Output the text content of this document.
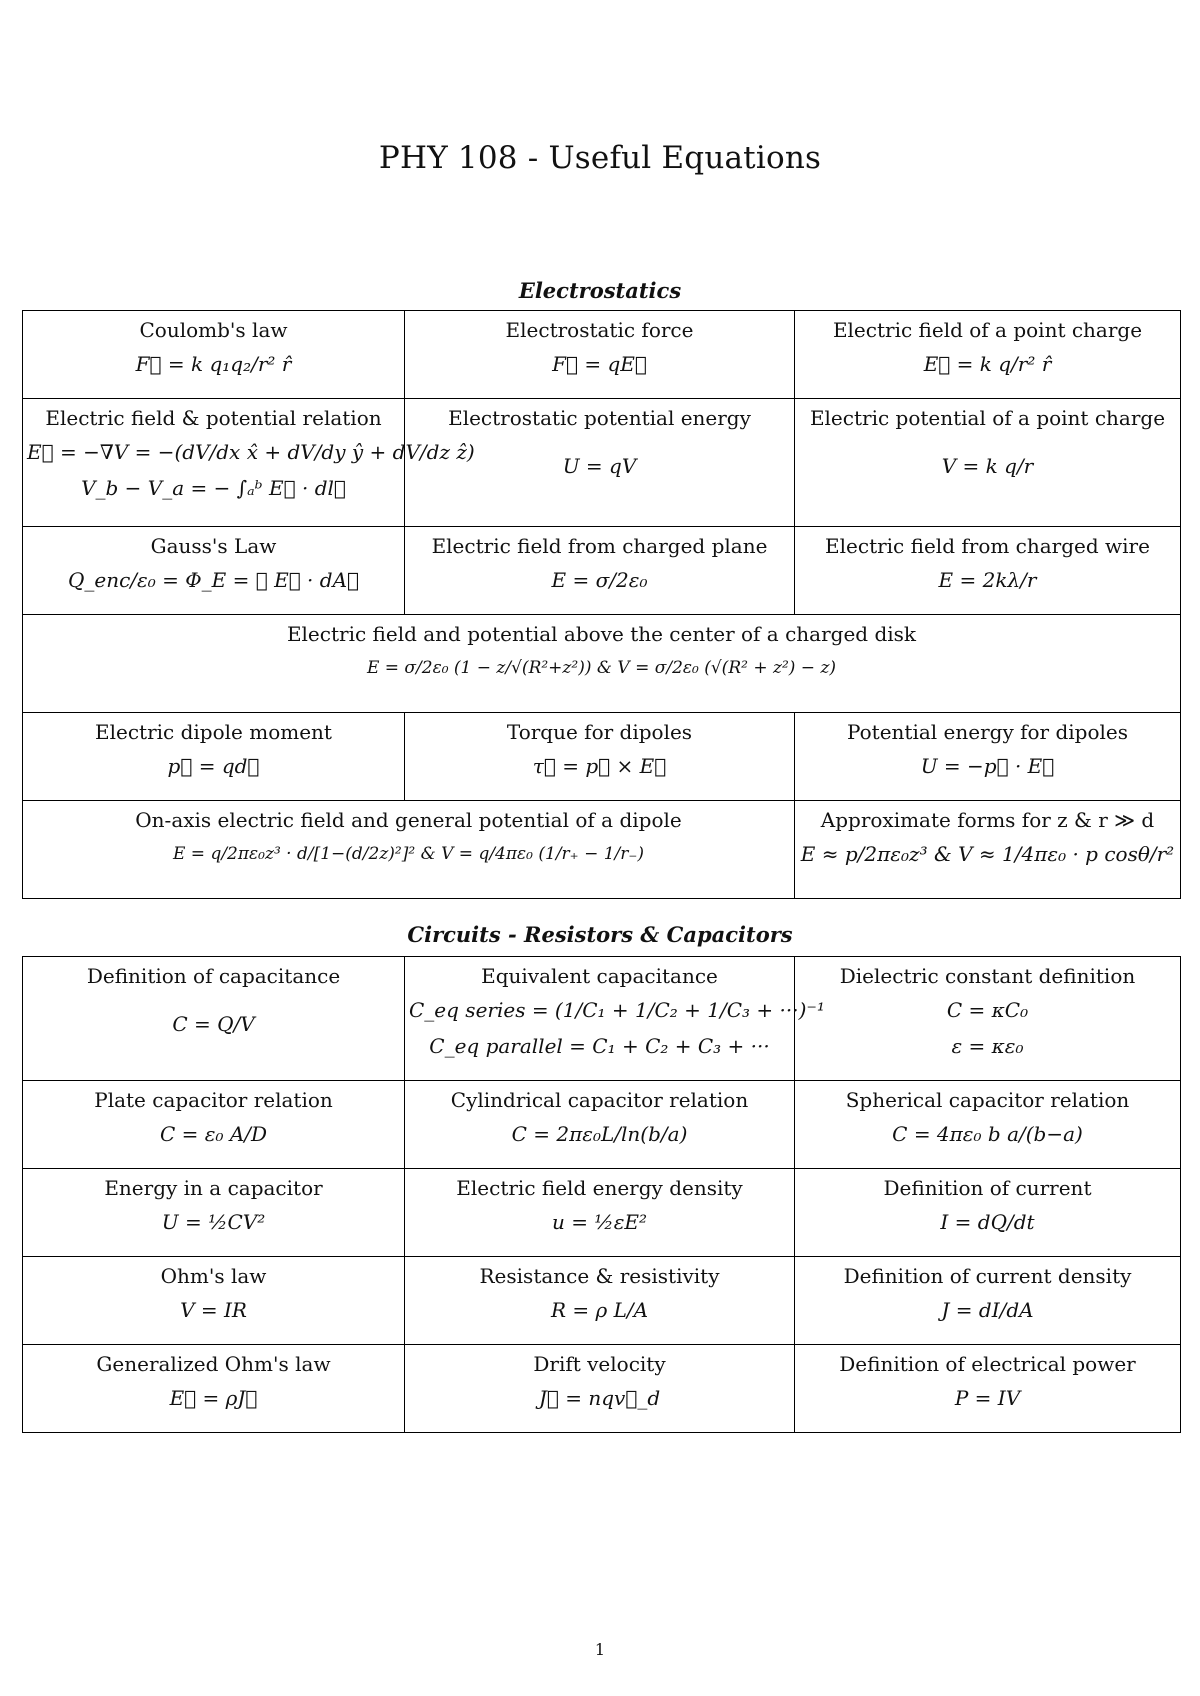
PHY 108 - Useful Equations
Electrostatics
Coulomb's law
F⃗ = k q₁q₂/r² r̂	Electrostatic force
F⃗ = qE⃗	Electric field of a point charge
E⃗ = k q/r² r̂

Electric field & potential relation
E⃗ = −∇V = −(dV/dx x̂ + dV/dy ŷ + dV/dz ẑ)
V_b − V_a = − ∫ₐᵇ E⃗ · dl⃗	Electrostatic potential energy
U = qV	Electric potential of a point charge
V = k q/r

Gauss's Law
Q_enc/ε₀ = Φ_E = ∮ E⃗ · dA⃗	Electric field from charged plane
E = σ/2ε₀	Electric field from charged wire
E = 2kλ/r

Electric field and potential above the center of a charged disk
E = σ/2ε₀ (1 − z/√(R²+z²)) & V = σ/2ε₀ (√(R² + z²) − z)		

Electric dipole moment
p⃗ = qd⃗	Torque for dipoles
τ⃗ = p⃗ × E⃗	Potential energy for dipoles
U = −p⃗ · E⃗

On-axis electric field and general potential of a dipole
E = q/2πε₀z³ · d/[1−(d/2z)²]² & V = q/4πε₀ (1/r₊ − 1/r₋)		Approximate forms for z & r ≫ d
E ≈ p/2πε₀z³ & V ≈ 1/4πε₀ · p cosθ/r²
Circuits - Resistors & Capacitors
Definition of capacitance
C = Q/V	Equivalent capacitance
C_eq series = (1/C₁ + 1/C₂ + 1/C₃ + ···)⁻¹
C_eq parallel = C₁ + C₂ + C₃ + ···	Dielectric constant definition
C = κC₀
ε = κε₀

Plate capacitor relation
C = ε₀ A/D	Cylindrical capacitor relation
C = 2πε₀L/ln(b/a)	Spherical capacitor relation
C = 4πε₀ b a/(b−a)

Energy in a capacitor
U = ½CV²	Electric field energy density
u = ½εE²	Definition of current
I = dQ/dt

Ohm's law
V = IR	Resistance & resistivity
R = ρ L/A	Definition of current density
J = dI/dA

Generalized Ohm's law
E⃗ = ρJ⃗	Drift velocity
J⃗ = nqv⃗_d	Definition of electrical power
P = IV
1
